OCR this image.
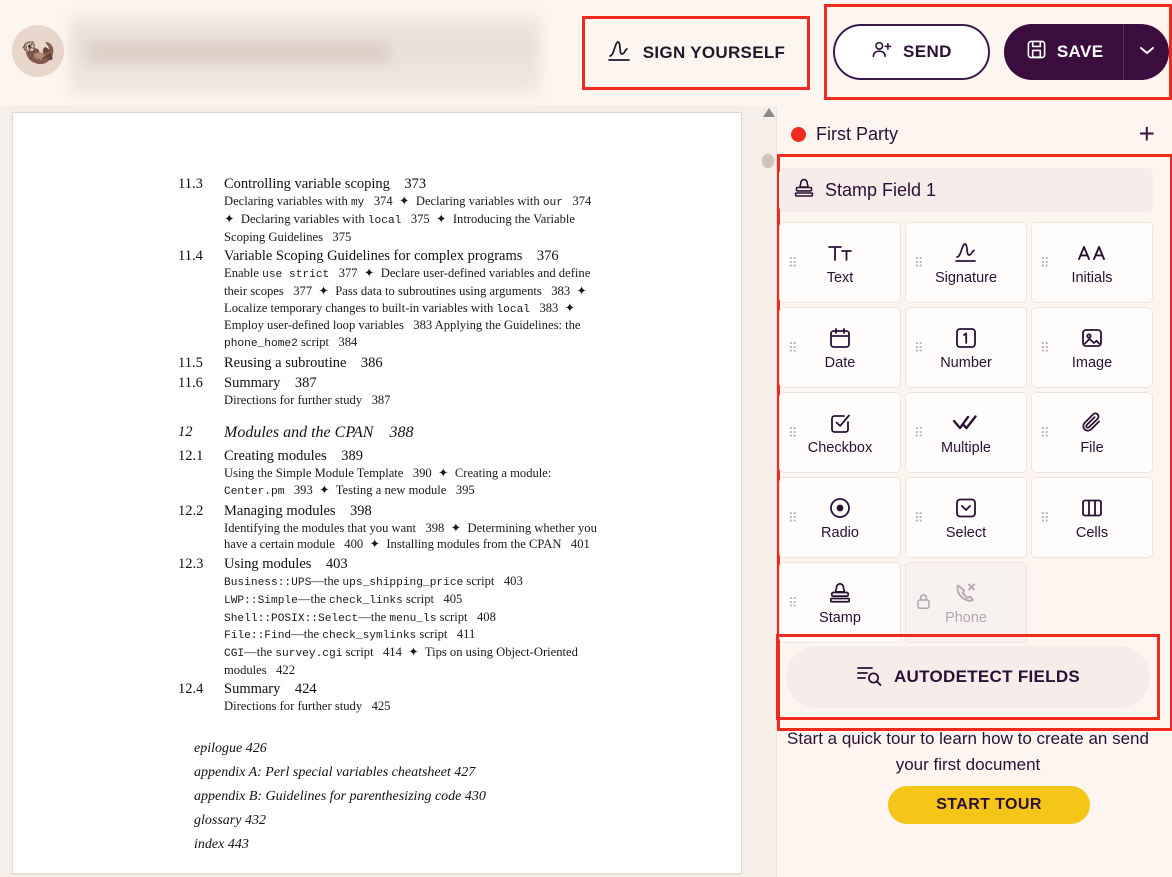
🦦	SIGN YOURSELF	SEND	SAVE
11.3	Controlling variable scoping    373
Declaring variables with my   374  ✦  Declaring variables with our   374  ✦  Declaring variables with local   375  ✦  Introducing the Variable Scoping Guidelines   375
11.4	Variable Scoping Guidelines for complex programs    376
Enable use strict   377  ✦  Declare user-defined variables and define their scopes   377  ✦  Pass data to subroutines using arguments   383  ✦  Localize temporary changes to built-in variables with local   383  ✦  Employ user-defined loop variables   383 Applying the Guidelines: the phone_home2 script   384
11.5	Reusing a subroutine    386
11.6	Summary    387
Directions for further study   387
12	Modules and the CPAN    388
12.1	Creating modules    389
Using the Simple Module Template   390  ✦  Creating a module: Center.pm   393  ✦  Testing a new module   395
12.2	Managing modules    398
Identifying the modules that you want   398  ✦  Determining whether you have a certain module   400  ✦  Installing modules from the CPAN   401
12.3	Using modules    403
Business::UPS—the ups_shipping_price script   403
LWP::Simple—the check_links script   405
Shell::POSIX::Select—the menu_ls script   408
File::Find—the check_symlinks script   411
CGI—the survey.cgi script   414  ✦  Tips on using Object-Oriented modules   422
12.4	Summary    424
Directions for further study   425
epilogue 426
appendix A: Perl special variables cheatsheet 427
appendix B: Guidelines for parenthesizing code 430
glossary 432
index 443
First Party	+
Stamp Field 1
⠿
Text
⠿
Signature
⠿
Initials
⠿
Date
⠿
Number
⠿
Image
⠿
Checkbox
⠿
Multiple
⠿
File
⠿
Radio
⠿
Select
⠿
Cells
⠿
Stamp	Phone
AUTODETECT FIELDS
Start a quick tour to learn how to create an send your first document
START TOUR
